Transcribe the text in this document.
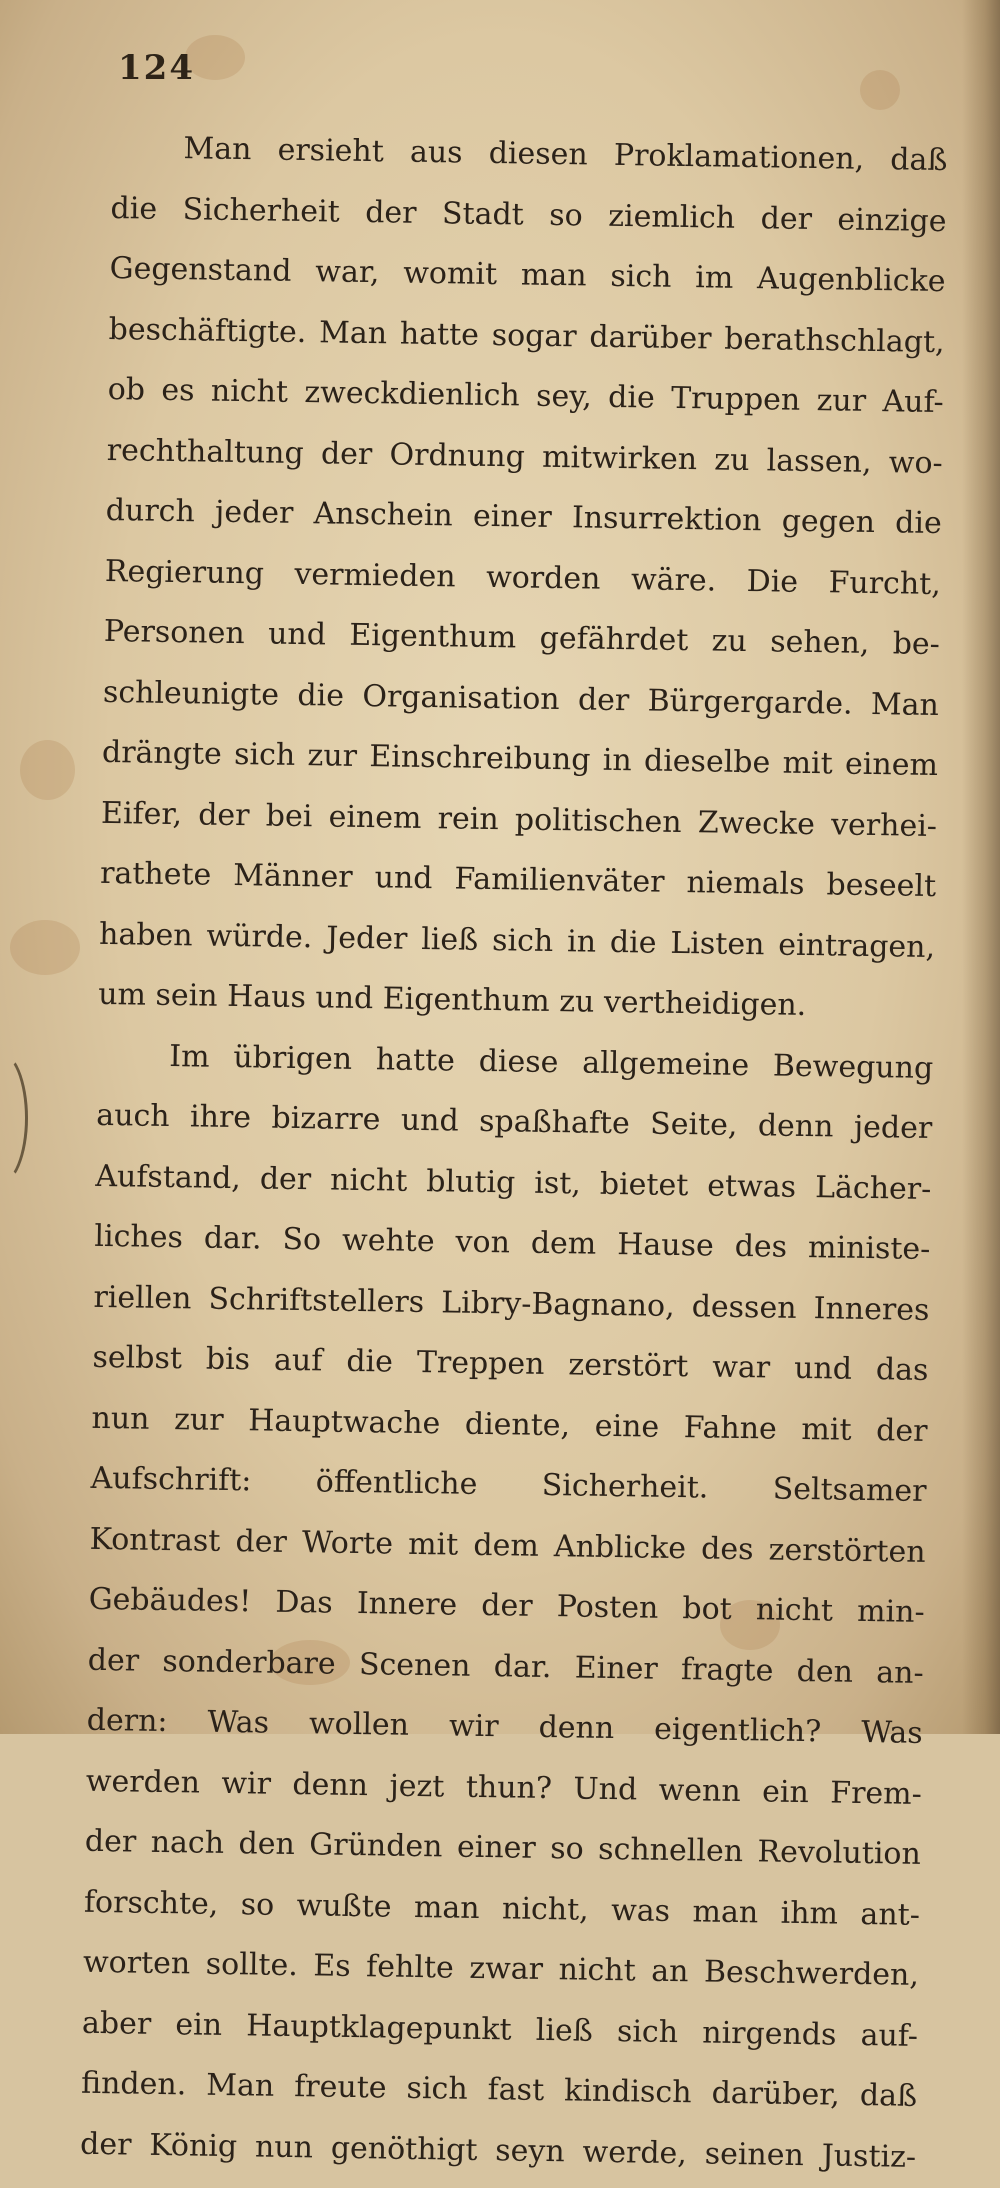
124
Man ersieht aus diesen Proklamationen, daß
die Sicherheit der Stadt so ziemlich der einzige
Gegenstand war, womit man sich im Augenblicke
beschäftigte. Man hatte sogar darüber berathschlagt,
ob es nicht zweckdienlich sey, die Truppen zur Auf-
rechthaltung der Ordnung mitwirken zu lassen, wo-
durch jeder Anschein einer Insurrektion gegen die
Regierung vermieden worden wäre. Die Furcht,
Personen und Eigenthum gefährdet zu sehen, be-
schleunigte die Organisation der Bürgergarde. Man
drängte sich zur Einschreibung in dieselbe mit einem
Eifer, der bei einem rein politischen Zwecke verhei-
rathete Männer und Familienväter niemals beseelt
haben würde. Jeder ließ sich in die Listen eintragen,
um sein Haus und Eigenthum zu vertheidigen.
Im übrigen hatte diese allgemeine Bewegung
auch ihre bizarre und spaßhafte Seite, denn jeder
Aufstand, der nicht blutig ist, bietet etwas Lächer-
liches dar. So wehte von dem Hause des ministe-
riellen Schriftstellers Libry-Bagnano, dessen Inneres
selbst bis auf die Treppen zerstört war und das
nun zur Hauptwache diente, eine Fahne mit der
Aufschrift: öffentliche Sicherheit. Seltsamer
Kontrast der Worte mit dem Anblicke des zerstörten
Gebäudes! Das Innere der Posten bot nicht min-
der sonderbare Scenen dar. Einer fragte den an-
dern: Was wollen wir denn eigentlich? Was
werden wir denn jezt thun? Und wenn ein Frem-
der nach den Gründen einer so schnellen Revolution
forschte, so wußte man nicht, was man ihm ant-
worten sollte. Es fehlte zwar nicht an Beschwerden,
aber ein Hauptklagepunkt ließ sich nirgends auf-
finden. Man freute sich fast kindisch darüber, daß
der König nun genöthigt seyn werde, seinen Justiz-
